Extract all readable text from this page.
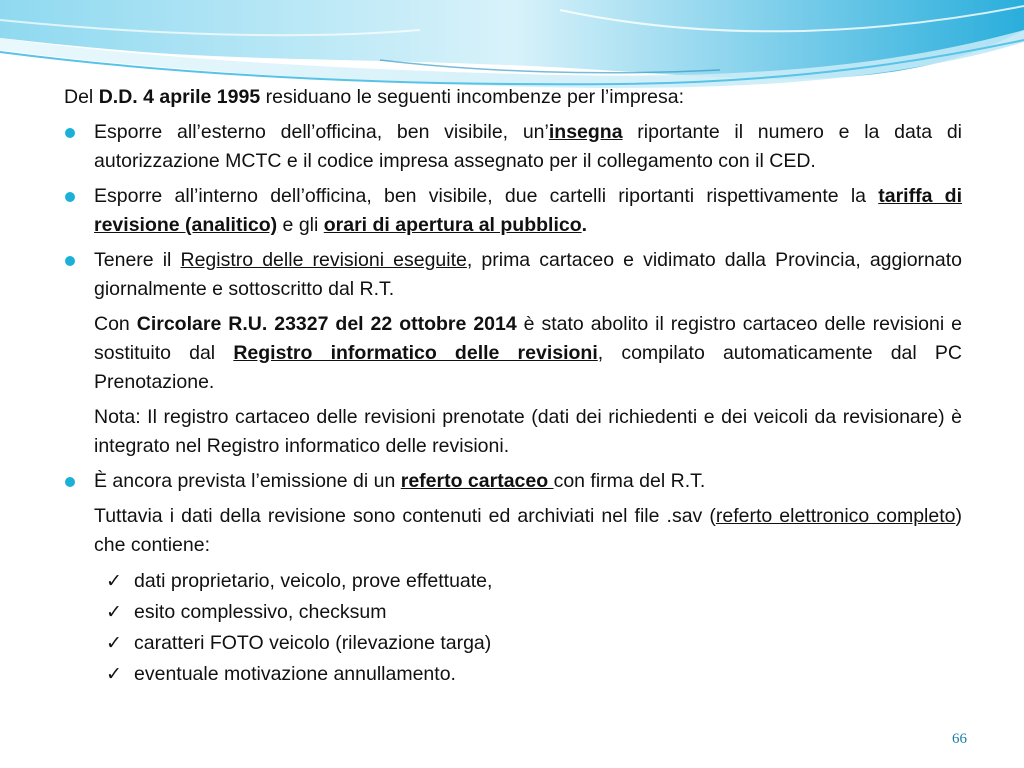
Del D.D. 4 aprile 1995 residuano le seguenti incombenze per l’impresa:

Esporre all’esterno dell’officina, ben visibile, un’insegna riportante il numero e la data di autorizzazione MCTC e il codice impresa assegnato per il collegamento con il CED.
Esporre all’interno dell’officina, ben visibile, due cartelli riportanti rispettivamente la tariffa di revisione (analitico) e gli orari di apertura al pubblico.
Tenere il Registro delle revisioni eseguite, prima cartaceo e vidimato dalla Provincia, aggiornato giornalmente e sottoscritto dal R.T.
Con Circolare R.U. 23327 del 22 ottobre 2014 è stato abolito il registro cartaceo delle revisioni e sostituito dal Registro informatico delle revisioni, compilato automaticamente dal PC Prenotazione.
Nota: Il registro cartaceo delle revisioni prenotate (dati dei richiedenti e dei veicoli da revisionare) è integrato nel Registro informatico delle revisioni.
È ancora prevista l’emissione di un referto cartaceo con firma del R.T.
Tuttavia i dati della revisione sono contenuti ed archiviati nel file .sav (referto elettronico completo) che contiene:
✓ dati proprietario, veicolo, prove effettuate,
✓ esito complessivo, checksum
✓ caratteri FOTO veicolo (rilevazione targa)
✓ eventuale motivazione annullamento.
66
